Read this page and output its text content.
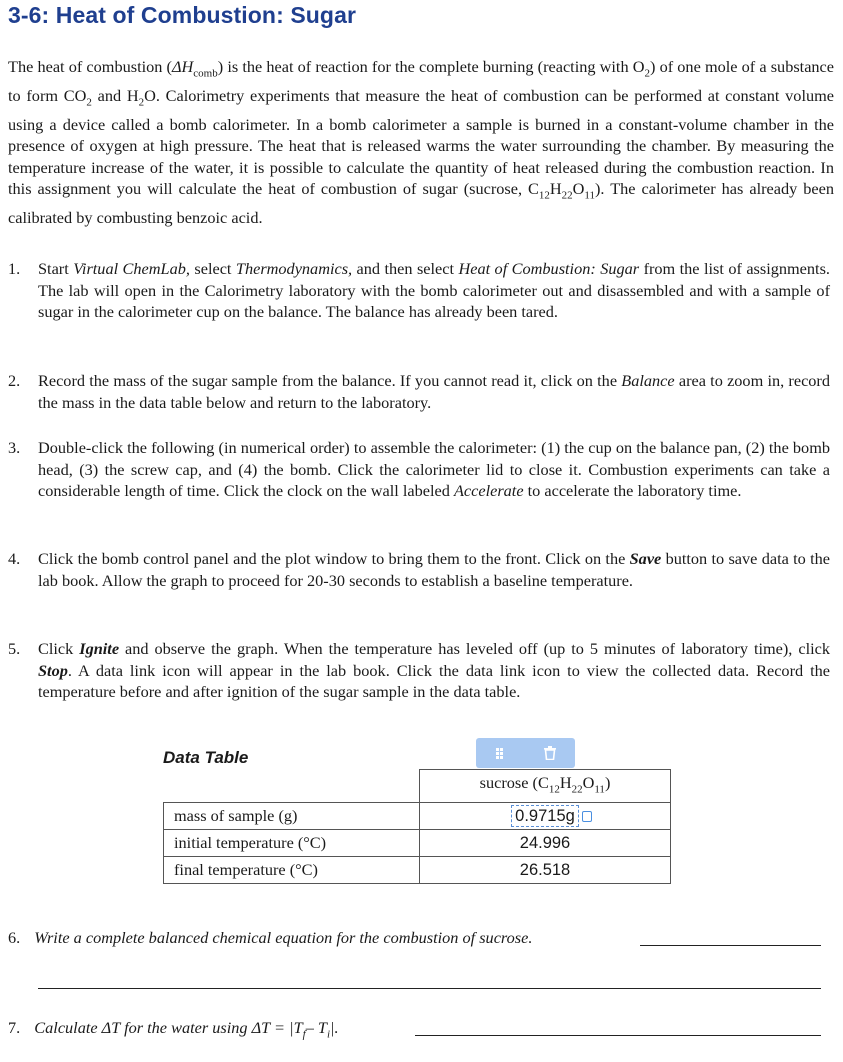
3-6: Heat of Combustion: Sugar
The heat of combustion $(\Delta H_{comb})$ is the heat of reaction for the complete burning (reacting with $O_2$) of one mole of a substance to form $CO_2$ and $H_2O$. Calorimetry experiments that measure the heat of combustion can be performed at constant volume using a device called a bomb calorimeter. In a bomb calorimeter a sample is burned in a constant-volume chamber in the presence of oxygen at high pressure. The heat that is released warms the water surrounding the chamber. By measuring the temperature increase of the water, it is possible to calculate the quantity of heat released during the combustion reaction. In this assignment you will calculate the heat of combustion of sugar (sucrose, $C_{12}H_{22}O_{11}$). The calorimeter has already been calibrated by combusting benzoic acid.
1. Start Virtual ChemLab, select Thermodynamics, and then select Heat of Combustion: Sugar from the list of assignments. The lab will open in the Calorimetry laboratory with the bomb calorimeter out and disassembled and with a sample of sugar in the calorimeter cup on the balance. The balance has already been tared.
2. Record the mass of the sugar sample from the balance. If you cannot read it, click on the Balance area to zoom in, record the mass in the data table below and return to the laboratory.
3. Double-click the following (in numerical order) to assemble the calorimeter: (1) the cup on the balance pan, (2) the bomb head, (3) the screw cap, and (4) the bomb. Click the calorimeter lid to close it. Combustion experiments can take a considerable length of time. Click the clock on the wall labeled Accelerate to accelerate the laboratory time.
4. Click the bomb control panel and the plot window to bring them to the front. Click on the Save button to save data to the lab book. Allow the graph to proceed for 20-30 seconds to establish a baseline temperature.
5. Click Ignite and observe the graph. When the temperature has leveled off (up to 5 minutes of laboratory time), click Stop. A data link icon will appear in the lab book. Click the data link icon to view the collected data. Record the temperature before and after ignition of the sugar sample in the data table.
Data Table
	sucrose $(C_{12}H_{22}O_{11})$
mass of sample (g)	0.9715g

initial temperature (°C)	24.996
final temperature (°C)	26.518
6. Write a complete balanced chemical equation for the combustion of sucrose.
7. Calculate ΔT for the water using $\Delta T = |T_f-$ $T_i|$.
